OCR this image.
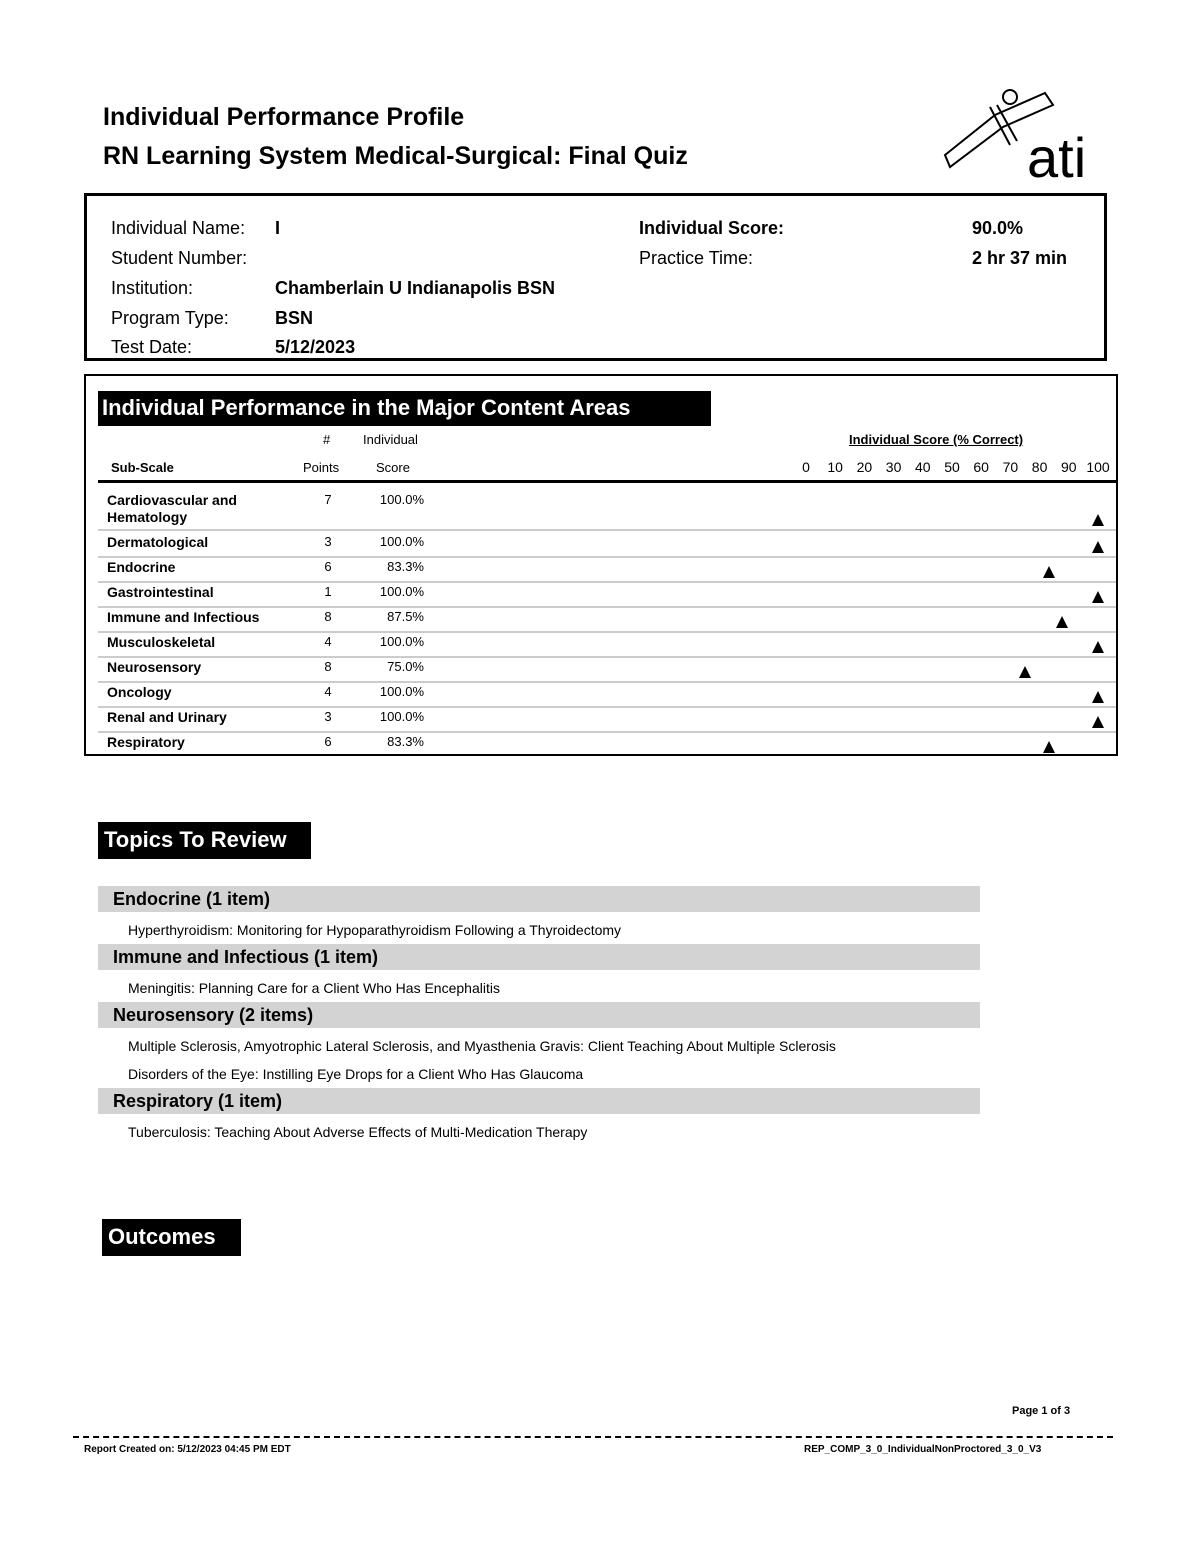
Individual Performance Profile
RN Learning System Medical-Surgical: Final Quiz	ati
Individual Name: I
Student Number:
Institution:	Chamberlain U Indianapolis BSN
Program Type:	BSN
Test Date:	5/12/2023
Individual Score:	90.0%
Practice Time:	2 hr 37 min
Individual Performance in the Major Content Areas
#	Individual	Individual Score (% Correct)
Sub-Scale	Points	Score	0 10 20 30 40 50 60 70 80 90 100
Cardiovascular and Hematology
7	100.0%
Dermatological	3	100.0%
Endocrine	6	83.3%
Gastrointestinal	1	100.0%
Immune and Infectious	8	87.5%
Musculoskeletal	4	100.0%
Neurosensory	8	75.0%
Oncology	4	100.0%
Renal and Urinary	3	100.0%
Respiratory	6	83.3%
Topics To Review
Endocrine (1 item)
Hyperthyroidism: Monitoring for Hypoparathyroidism Following a Thyroidectomy
Immune and Infectious (1 item)
Meningitis: Planning Care for a Client Who Has Encephalitis
Neurosensory (2 items)
Multiple Sclerosis, Amyotrophic Lateral Sclerosis, and Myasthenia Gravis: Client Teaching About Multiple Sclerosis
Disorders of the Eye: Instilling Eye Drops for a Client Who Has Glaucoma
Respiratory (1 item)
Tuberculosis: Teaching About Adverse Effects of Multi-Medication Therapy
Outcomes
Page 1 of 3
Report Created on: 5/12/2023 04:45 PM EDT	REP_COMP_3_0_IndividualNonProctored_3_0_V3
